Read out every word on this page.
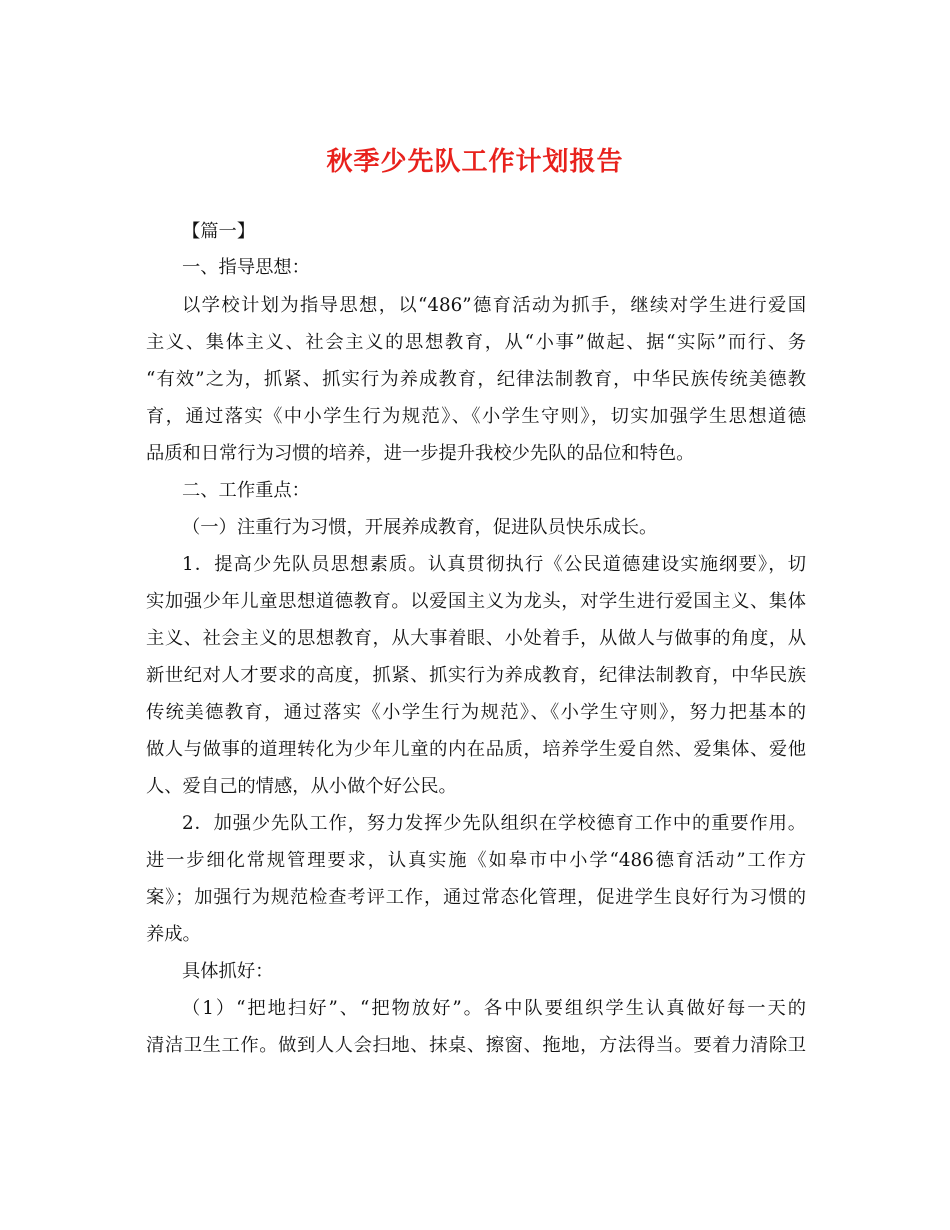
秋季少先队工作计划报告
【篇一】
一、指导思想：
以学校计划为指导思想，以“486”德育活动为抓手，继续对学生进行爱国
主义、集体主义、社会主义的思想教育，从“小事”做起、据“实际”而行、务
“有效”之为，抓紧、抓实行为养成教育，纪律法制教育，中华民族传统美德教
育，通过落实《中小学生行为规范》、《小学生守则》，切实加强学生思想道德
品质和日常行为习惯的培养，进一步提升我校少先队的品位和特色。
二、工作重点：
（一）注重行为习惯，开展养成教育，促进队员快乐成长。
1．提高少先队员思想素质。认真贯彻执行《公民道德建设实施纲要》，切
实加强少年儿童思想道德教育。以爱国主义为龙头，对学生进行爱国主义、集体
主义、社会主义的思想教育，从大事着眼、小处着手，从做人与做事的角度，从
新世纪对人才要求的高度，抓紧、抓实行为养成教育，纪律法制教育，中华民族
传统美德教育，通过落实《小学生行为规范》、《小学生守则》，努力把基本的
做人与做事的道理转化为少年儿童的内在品质，培养学生爱自然、爱集体、爱他
人、爱自己的情感，从小做个好公民。
2．加强少先队工作，努力发挥少先队组织在学校德育工作中的重要作用。
进一步细化常规管理要求，认真实施《如皋市中小学“486德育活动”工作方
案》；加强行为规范检查考评工作，通过常态化管理，促进学生良好行为习惯的
养成。
具体抓好：
（1）“把地扫好”、“把物放好”。各中队要组织学生认真做好每一天的
清洁卫生工作。做到人人会扫地、抹桌、擦窗、拖地，方法得当。要着力清除卫
